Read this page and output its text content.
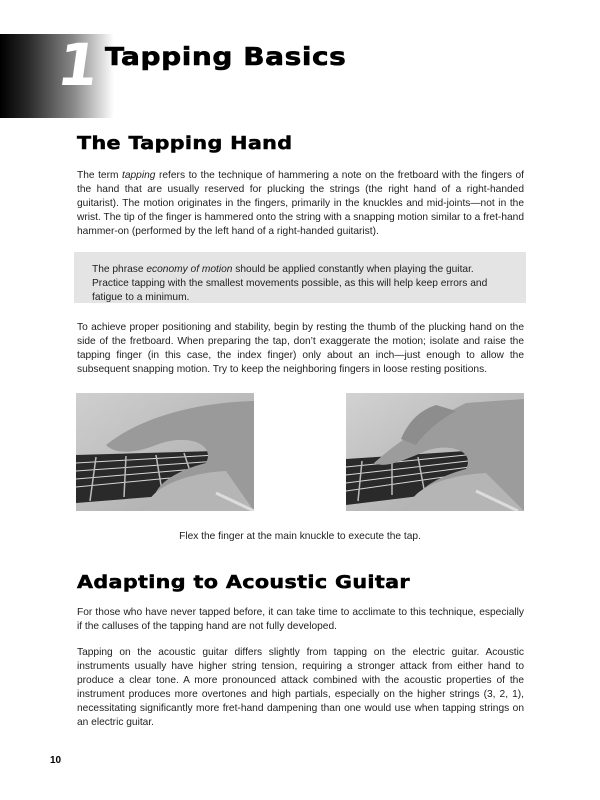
1 Tapping Basics
The Tapping Hand

The term tapping refers to the technique of hammering a note on the fretboard with the fingers of the hand that are usually reserved for plucking the strings (the right hand of a right-handed guitarist). The motion originates in the fingers, primarily in the knuckles and mid-joints—not in the wrist. The tip of the finger is hammered onto the string with a snapping motion similar to a fret-hand hammer-on (performed by the left hand of a right-handed guitarist).

The phrase economy of motion should be applied constantly when playing the guitar. Practice tapping with the smallest movements possible, as this will help keep errors and fatigue to a minimum.

To achieve proper positioning and stability, begin by resting the thumb of the plucking hand on the side of the fretboard. When preparing the tap, don’t exaggerate the motion; isolate and raise the tapping finger (in this case, the index finger) only about an inch—just enough to allow the subsequent snapping motion. Try to keep the neighboring fingers in loose resting positions.

Flex the finger at the main knuckle to execute the tap.

Adapting to Acoustic Guitar

For those who have never tapped before, it can take time to acclimate to this technique, especially if the calluses of the tapping hand are not fully developed.

Tapping on the acoustic guitar differs slightly from tapping on the electric guitar. Acoustic instruments usually have higher string tension, requiring a stronger attack from either hand to produce a clear tone. A more pronounced attack combined with the acoustic properties of the instrument produces more overtones and high partials, especially on the higher strings (3, 2, 1), necessitating significantly more fret-hand dampening than one would use when tapping strings on an electric guitar.

10
